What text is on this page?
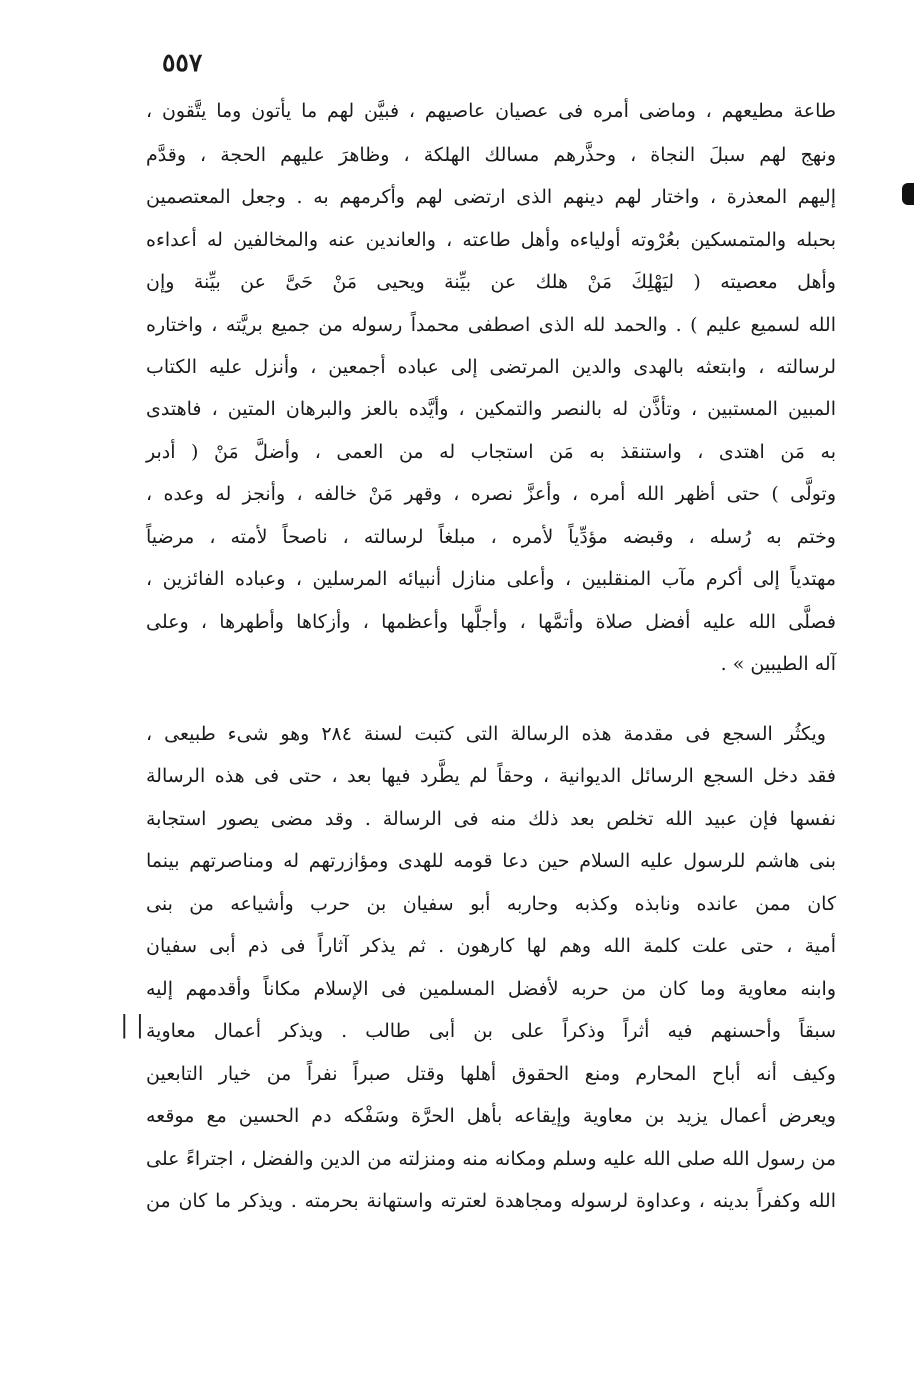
٥٥٧
طاعة مطيعهم ، وماضى أمره فى عصيان عاصيهم ، فبيَّن لهم ما يأتون وما يتَّقون ،
ونهج لهم سبلَ النجاة ، وحذَّرهم مسالك الهلكة ، وظاهرَ عليهم الحجة ، وقدَّم
إليهم المعذرة ، واختار لهم دينهم الذى ارتضى لهم وأكرمهم به . وجعل المعتصمين
بحبله والمتمسكين بعُرْوته أولياءه وأهل طاعته ، والعاندين عنه والمخالفين له أعداءه
وأهل معصيته ( ليَهْلِكَ مَنْ هلك عن بيِّنة ويحيى مَنْ حَىَّ عن بيِّنة وإن
الله لسميع عليم ) . والحمد لله الذى اصطفى محمداً رسوله من جميع بريَّته ، واختاره
لرسالته ، وابتعثه بالهدى والدين المرتضى إلى عباده أجمعين ، وأنزل عليه الكتاب
المبين المستبين ، وتأذَّن له بالنصر والتمكين ، وأيَّده بالعز والبرهان المتين ، فاهتدى
به مَن اهتدى ، واستنقذ به مَن استجاب له من العمى ، وأضلَّ مَنْ ( أدبر
وتولَّى ) حتى أظهر الله أمره ، وأعزَّ نصره ، وقهر مَنْ خالفه ، وأنجز له وعده ،
وختم به رُسله ، وقبضه مؤدِّياً لأمره ، مبلغاً لرسالته ، ناصحاً لأمته ، مرضياً
مهتدياً إلى أكرم مآب المنقلبين ، وأعلى منازل أنبيائه المرسلين ، وعباده الفائزين ،
فصلَّى الله عليه أفضل صلاة وأتمَّها ، وأجلَّها وأعظمها ، وأزكاها وأطهرها ، وعلى
آله الطيبين » .
ويكثُر السجع فى مقدمة هذه الرسالة التى كتبت لسنة ٢٨٤ وهو شىء طبيعى ،
فقد دخل السجع الرسائل الديوانية ، وحقاً لم يطَّرد فيها بعد ، حتى فى هذه الرسالة
نفسها فإن عبيد الله تخلص بعد ذلك منه فى الرسالة . وقد مضى يصور استجابة
بنى هاشم للرسول عليه السلام حين دعا قومه للهدى ومؤازرتهم له ومناصرتهم بينما
كان ممن عانده ونابذه وكذبه وحاربه أبو سفيان بن حرب وأشياعه من بنى
أمية ، حتى علت كلمة الله وهم لها كارهون . ثم يذكر آثاراً فى ذم أبى سفيان
وابنه معاوية وما كان من حربه لأفضل المسلمين فى الإسلام مكاناً وأقدمهم إليه
سبقاً وأحسنهم فيه أثراً وذكراً على بن أبى طالب . ويذكر أعمال معاوية
وكيف أنه أباح المحارم ومنع الحقوق أهلها وقتل صبراً نفراً من خيار التابعين
ويعرض أعمال يزيد بن معاوية وإيقاعه بأهل الحرَّة وسَفْكه دم الحسين مع موقعه
من رسول الله صلى الله عليه وسلم ومكانه منه ومنزلته من الدين والفضل ، اجتراءً على
الله وكفراً بدينه ، وعداوة لرسوله ومجاهدة لعترته واستهانة بحرمته . ويذكر ما كان من
| |
